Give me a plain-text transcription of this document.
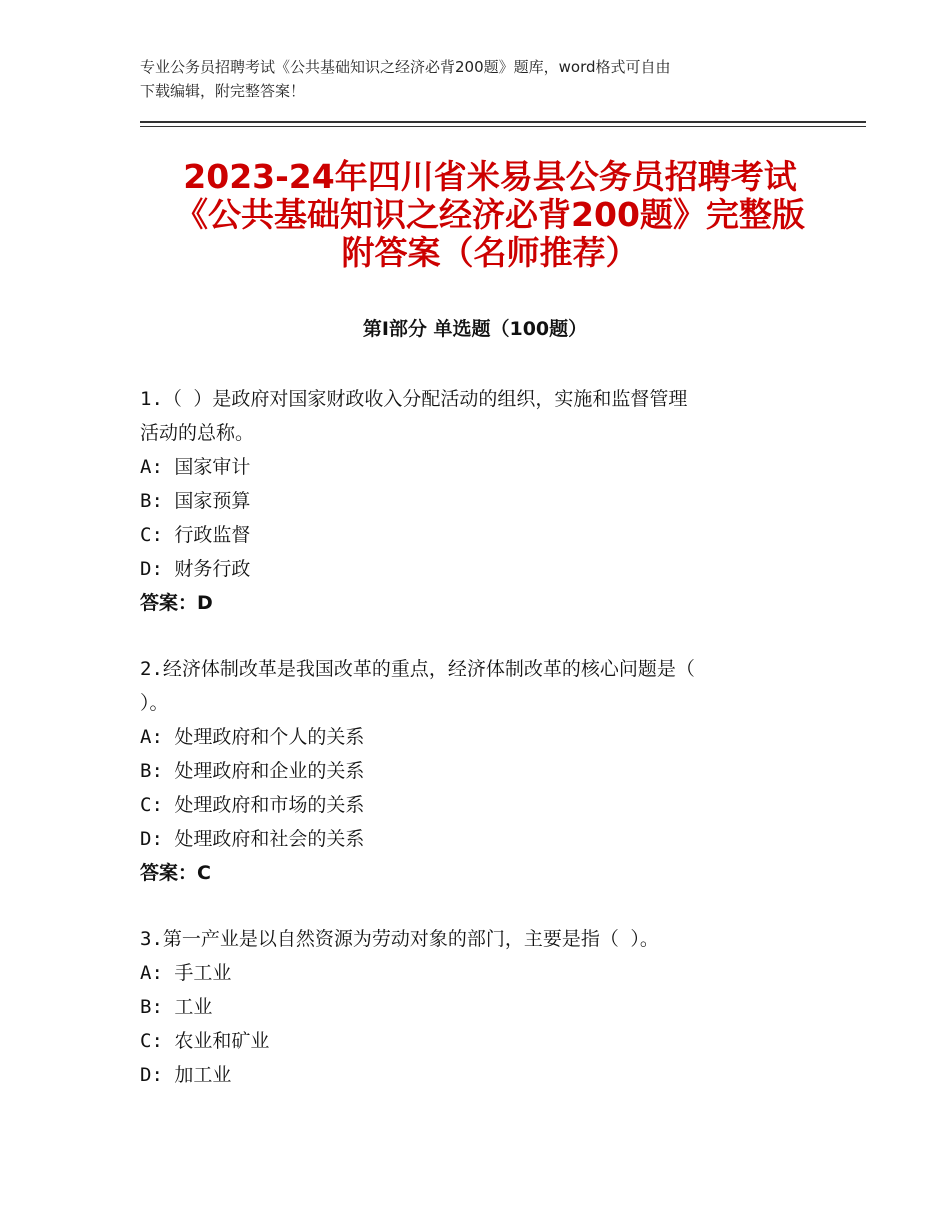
专业公务员招聘考试《公共基础知识之经济必背200题》题库，word格式可自由
下载编辑，附完整答案！
2023-24年四川省米易县公务员招聘考试
《公共基础知识之经济必背200题》完整版
附答案（名师推荐）
第Ⅰ部分 单选题（100题）
1.（ ）是政府对国家财政收入分配活动的组织，实施和监督管理
活动的总称。
A: 国家审计
B: 国家预算
C: 行政监督
D: 财务行政
答案：D
2.经济体制改革是我国改革的重点，经济体制改革的核心问题是（
）。
A: 处理政府和个人的关系
B: 处理政府和企业的关系
C: 处理政府和市场的关系
D: 处理政府和社会的关系
答案：C
3.第一产业是以自然资源为劳动对象的部门，主要是指（ ）。
A: 手工业
B: 工业
C: 农业和矿业
D: 加工业
